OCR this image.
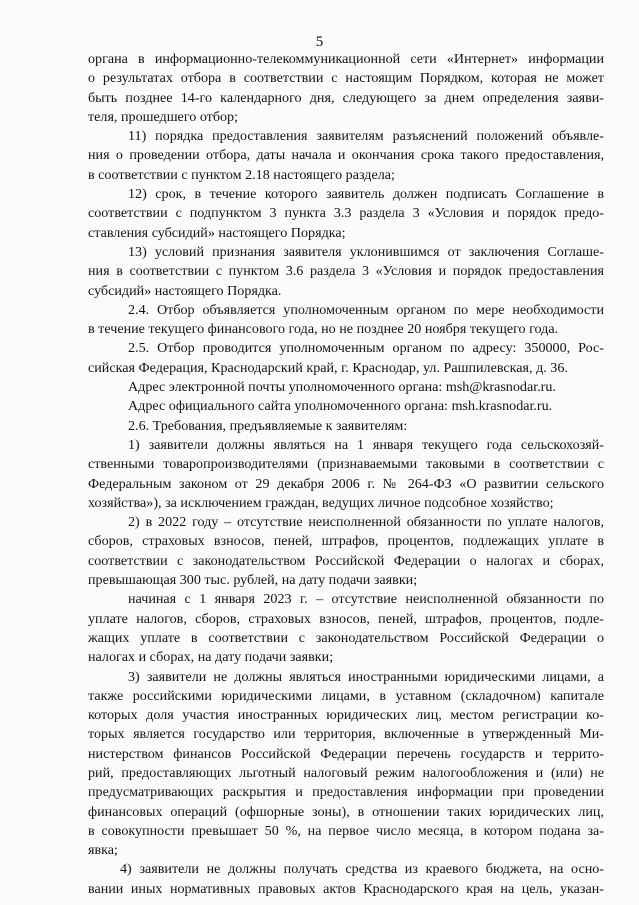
5
органа в информационно-телекоммуникационной сети «Интернет» информации
о результатах отбора в соответствии с настоящим Порядком, которая не может
быть позднее 14-го календарного дня, следующего за днем определения заяви-
теля, прошедшего отбор;
11) порядка предоставления заявителям разъяснений положений объявле-
ния о проведении отбора, даты начала и окончания срока такого предоставления,
в соответствии с пунктом 2.18 настоящего раздела;
12) срок, в течение которого заявитель должен подписать Соглашение в
соответствии с подпунктом 3 пункта 3.3 раздела 3 «Условия и порядок предо-
ставления субсидий» настоящего Порядка;
13) условий признания заявителя уклонившимся от заключения Соглаше-
ния в соответствии с пунктом 3.6 раздела 3 «Условия и порядок предоставления
субсидий» настоящего Порядка.
2.4. Отбор объявляется уполномоченным органом по мере необходимости
в течение текущего финансового года, но не позднее 20 ноября текущего года.
2.5. Отбор проводится уполномоченным органом по адресу: 350000, Рос-
сийская Федерация, Краснодарский край, г. Краснодар, ул. Рашпилевская, д. 36.
Адрес электронной почты уполномоченного органа: msh@krasnodar.ru.
Адрес официального сайта уполномоченного органа: msh.krasnodar.ru.
2.6. Требования, предъявляемые к заявителям:
1) заявители должны являться на 1 января текущего года сельскохозяй-
ственными товаропроизводителями (признаваемыми таковыми в соответствии с
Федеральным законом от 29 декабря 2006 г. № 264-ФЗ «О развитии сельского
хозяйства»), за исключением граждан, ведущих личное подсобное хозяйство;
2) в 2022 году – отсутствие неисполненной обязанности по уплате налогов,
сборов, страховых взносов, пеней, штрафов, процентов, подлежащих уплате в
соответствии с законодательством Российской Федерации о налогах и сборах,
превышающая 300 тыс. рублей, на дату подачи заявки;
начиная с 1 января 2023 г. – отсутствие неисполненной обязанности по
уплате налогов, сборов, страховых взносов, пеней, штрафов, процентов, подле-
жащих уплате в соответствии с законодательством Российской Федерации о
налогах и сборах, на дату подачи заявки;
3) заявители не должны являться иностранными юридическими лицами, а
также российскими юридическими лицами, в уставном (складочном) капитале
которых доля участия иностранных юридических лиц, местом регистрации ко-
торых является государство или территория, включенные в утвержденный Ми-
нистерством финансов Российской Федерации перечень государств и террито-
рий, предоставляющих льготный налоговый режим налогообложения и (или) не
предусматривающих раскрытия и предоставления информации при проведении
финансовых операций (офшорные зоны), в отношении таких юридических лиц,
в совокупности превышает 50 %, на первое число месяца, в котором подана за-
явка;
4) заявители не должны получать средства из краевого бюджета, на осно-
вании иных нормативных правовых актов Краснодарского края на цель, указан-
